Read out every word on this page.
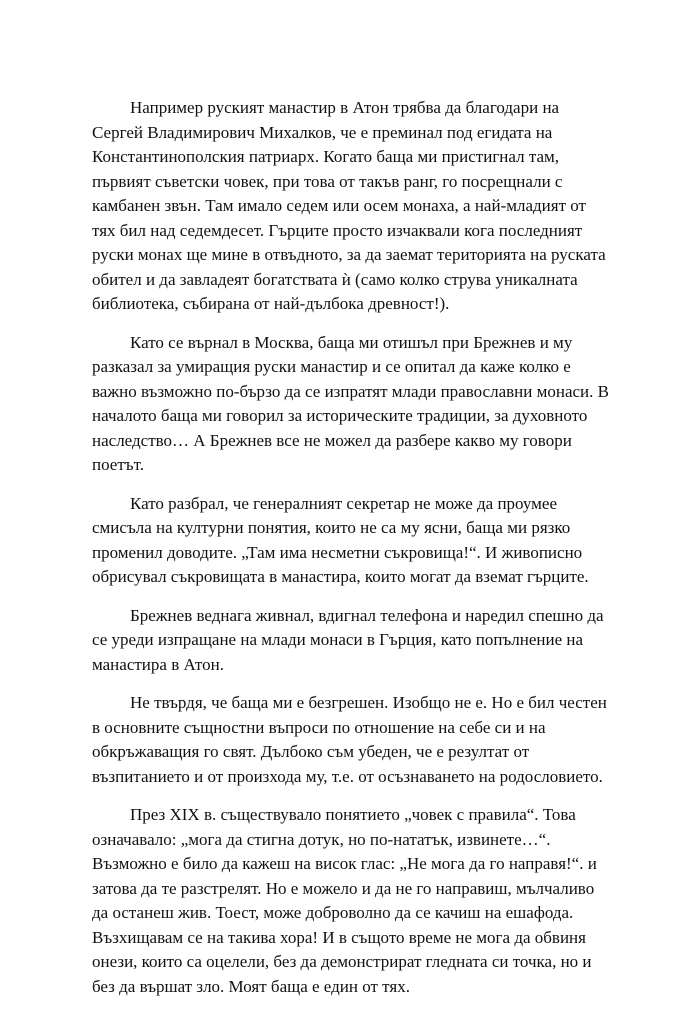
Например руският манастир в Атон трябва да благодари на Сергей Владимирович Михалков, че е преминал под егидата на Константинополския патриарх. Когато баща ми пристигнал там, първият съветски човек, при това от такъв ранг, го посрещнали с камбанен звън. Там имало седем или осем монаха, а най-младият от тях бил над седемдесет. Гърците просто изчаквали кога последният руски монах ще мине в отвъдното, за да заемат територията на руската обител и да завладеят богатствата ѝ (само колко струва уникалната библиотека, събирана от най-дълбока древност!).

Като се върнал в Москва, баща ми отишъл при Брежнев и му разказал за умиращия руски манастир и се опитал да каже колко е важно възможно по-бързо да се изпратят млади православни монаси. В началото баща ми говорил за историческите традиции, за духовното наследство… А Брежнев все не можел да разбере какво му говори поетът.

Като разбрал, че генералният секретар не може да проумее смисъла на културни понятия, които не са му ясни, баща ми рязко променил доводите. „Там има несметни съкровища!“. И живописно обрисувал съкровищата в манастира, които могат да вземат гърците.

Брежнев веднага живнал, вдигнал телефона и наредил спешно да се уреди изпращане на млади монаси в Гърция, като попълнение на манастира в Атон.

Не твърдя, че баща ми е безгрешен. Изобщо не е. Но е бил честен в основните същностни въпроси по отношение на себе си и на обкръжаващия го свят. Дълбоко съм убеден, че е резултат от възпитанието и от произхода му, т.е. от осъзнаването на родословието.

През XIX в. съществувало понятието „човек с правила“. Това означавало: „мога да стигна дотук, но по-нататък, извинете…“. Възможно е било да кажеш на висок глас: „Не мога да го направя!“. и затова да те разстрелят. Но е можело и да не го направиш, мълчаливо да останеш жив. Тоест, може доброволно да се качиш на ешафода. Възхищавам се на такива хора! И в същото време не мога да обвиня онези, които са оцелели, без да демонстрират гледната си точка, но и без да вършат зло. Моят баща е един от тях.
